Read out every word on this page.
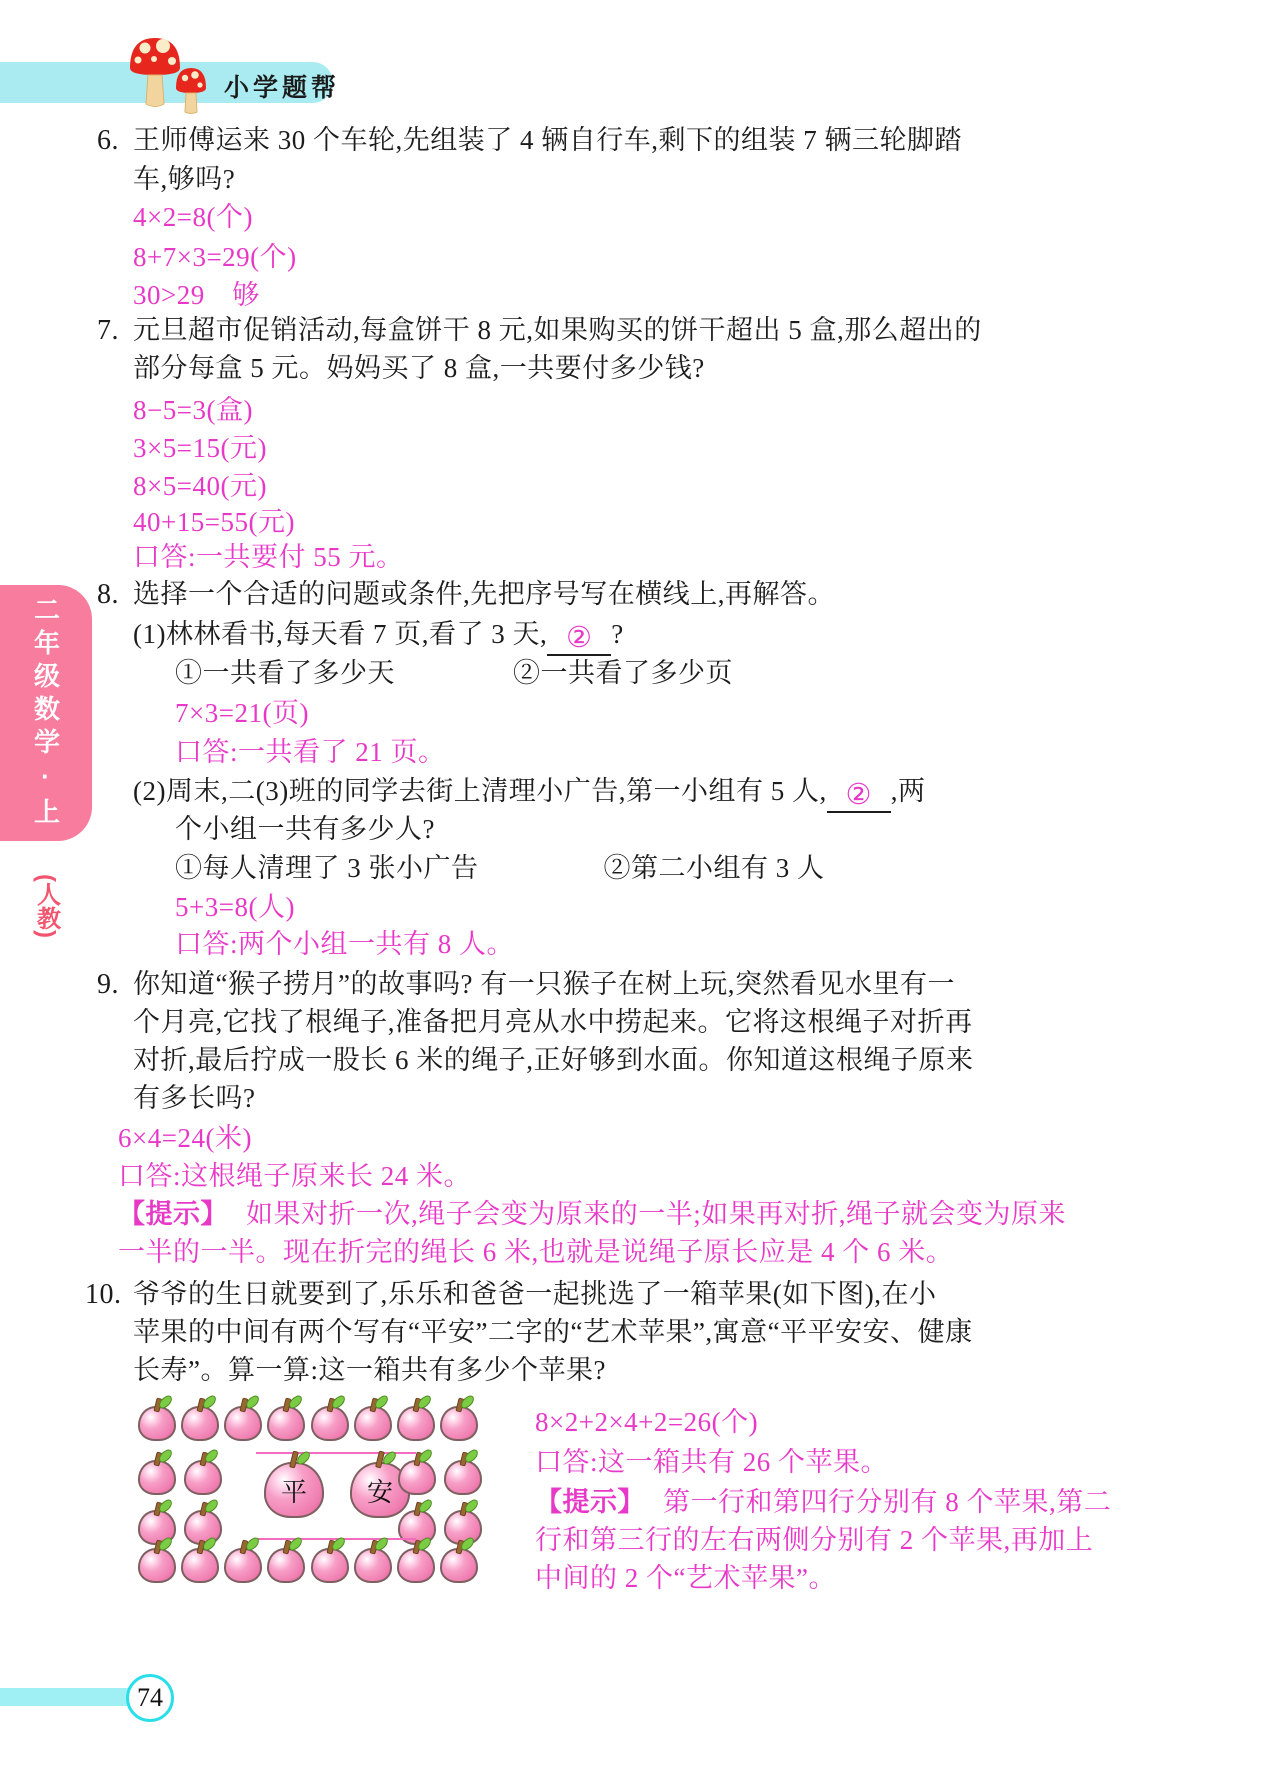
小学题帮
二年级数学·上
(人教)
6. 王师傅运来 30 个车轮,先组装了 4 辆自行车,剩下的组装 7 辆三轮脚踏
车,够吗?
4×2=8(个)
8+7×3=29(个)
30>29　够
7. 元旦超市促销活动,每盒饼干 8 元,如果购买的饼干超出 5 盒,那么超出的
部分每盒 5 元。妈妈买了 8 盒,一共要付多少钱?
8−5=3(盒)
3×5=15(元)
8×5=40(元)
40+15=55(元)
口答:一共要付 55 元。
8. 选择一个合适的问题或条件,先把序号写在横线上,再解答。
(1)林林看书,每天看 7 页,看了 3 天, ② ?
①一共看了多少天	②一共看了多少页
7×3=21(页)
口答:一共看了 21 页。
(2)周末,二(3)班的同学去街上清理小广告,第一小组有 5 人, ② ,两
个小组一共有多少人?
①每人清理了 3 张小广告	②第二小组有 3 人
5+3=8(人)
口答:两个小组一共有 8 人。
9. 你知道“猴子捞月”的故事吗? 有一只猴子在树上玩,突然看见水里有一
个月亮,它找了根绳子,准备把月亮从水中捞起来。它将这根绳子对折再
对折,最后拧成一股长 6 米的绳子,正好够到水面。你知道这根绳子原来
有多长吗?
6×4=24(米)
口答:这根绳子原来长 24 米。
【提示】 如果对折一次,绳子会变为原来的一半;如果再对折,绳子就会变为原来
一半的一半。现在折完的绳长 6 米,也就是说绳子原长应是 4 个 6 米。
10. 爷爷的生日就要到了,乐乐和爸爸一起挑选了一箱苹果(如下图),在小
苹果的中间有两个写有“平安”二字的“艺术苹果”,寓意“平平安安、健康
长寿”。算一算:这一箱共有多少个苹果?
平 安
8×2+2×4+2=26(个)
口答:这一箱共有 26 个苹果。
【提示】 第一行和第四行分别有 8 个苹果,第二
行和第三行的左右两侧分别有 2 个苹果,再加上
中间的 2 个“艺术苹果”。
74
